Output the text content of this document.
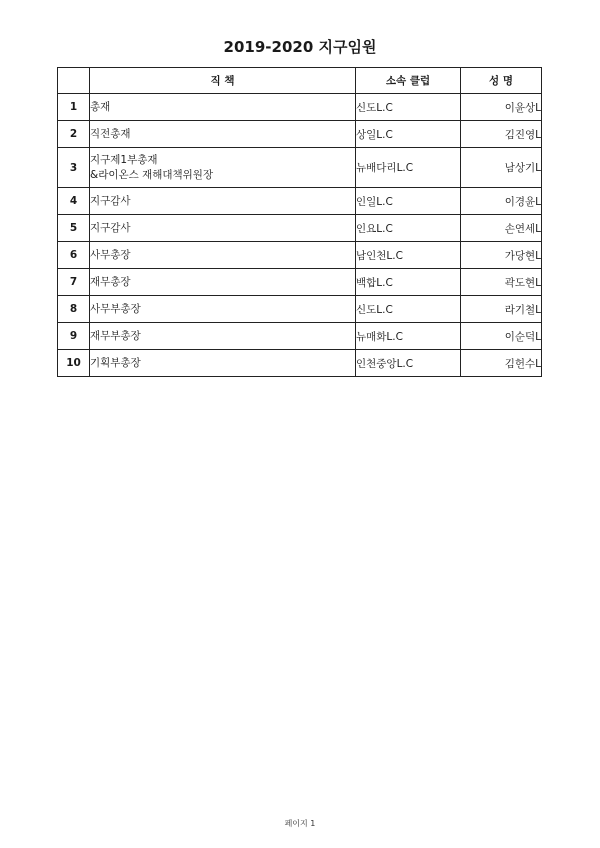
2019-2020 지구임원
	직 책	소속 클럽	성 명
1	총재	신도L.C	이윤상L
2	직전총재	상일L.C	김진영L
3	지구제1부총재
&라이온스 재해대책위원장	뉴배다리L.C	남상기L
4	지구감사	인일L.C	이경윤L
5	지구감사	인요L.C	손연세L
6	사무총장	남인천L.C	가당현L
7	재무총장	백합L.C	곽도현L
8	사무부총장	신도L.C	라기철L
9	재무부총장	뉴매화L.C	이순덕L
10	기획부총장	인천중앙L.C	김헌수L
페이지 1
